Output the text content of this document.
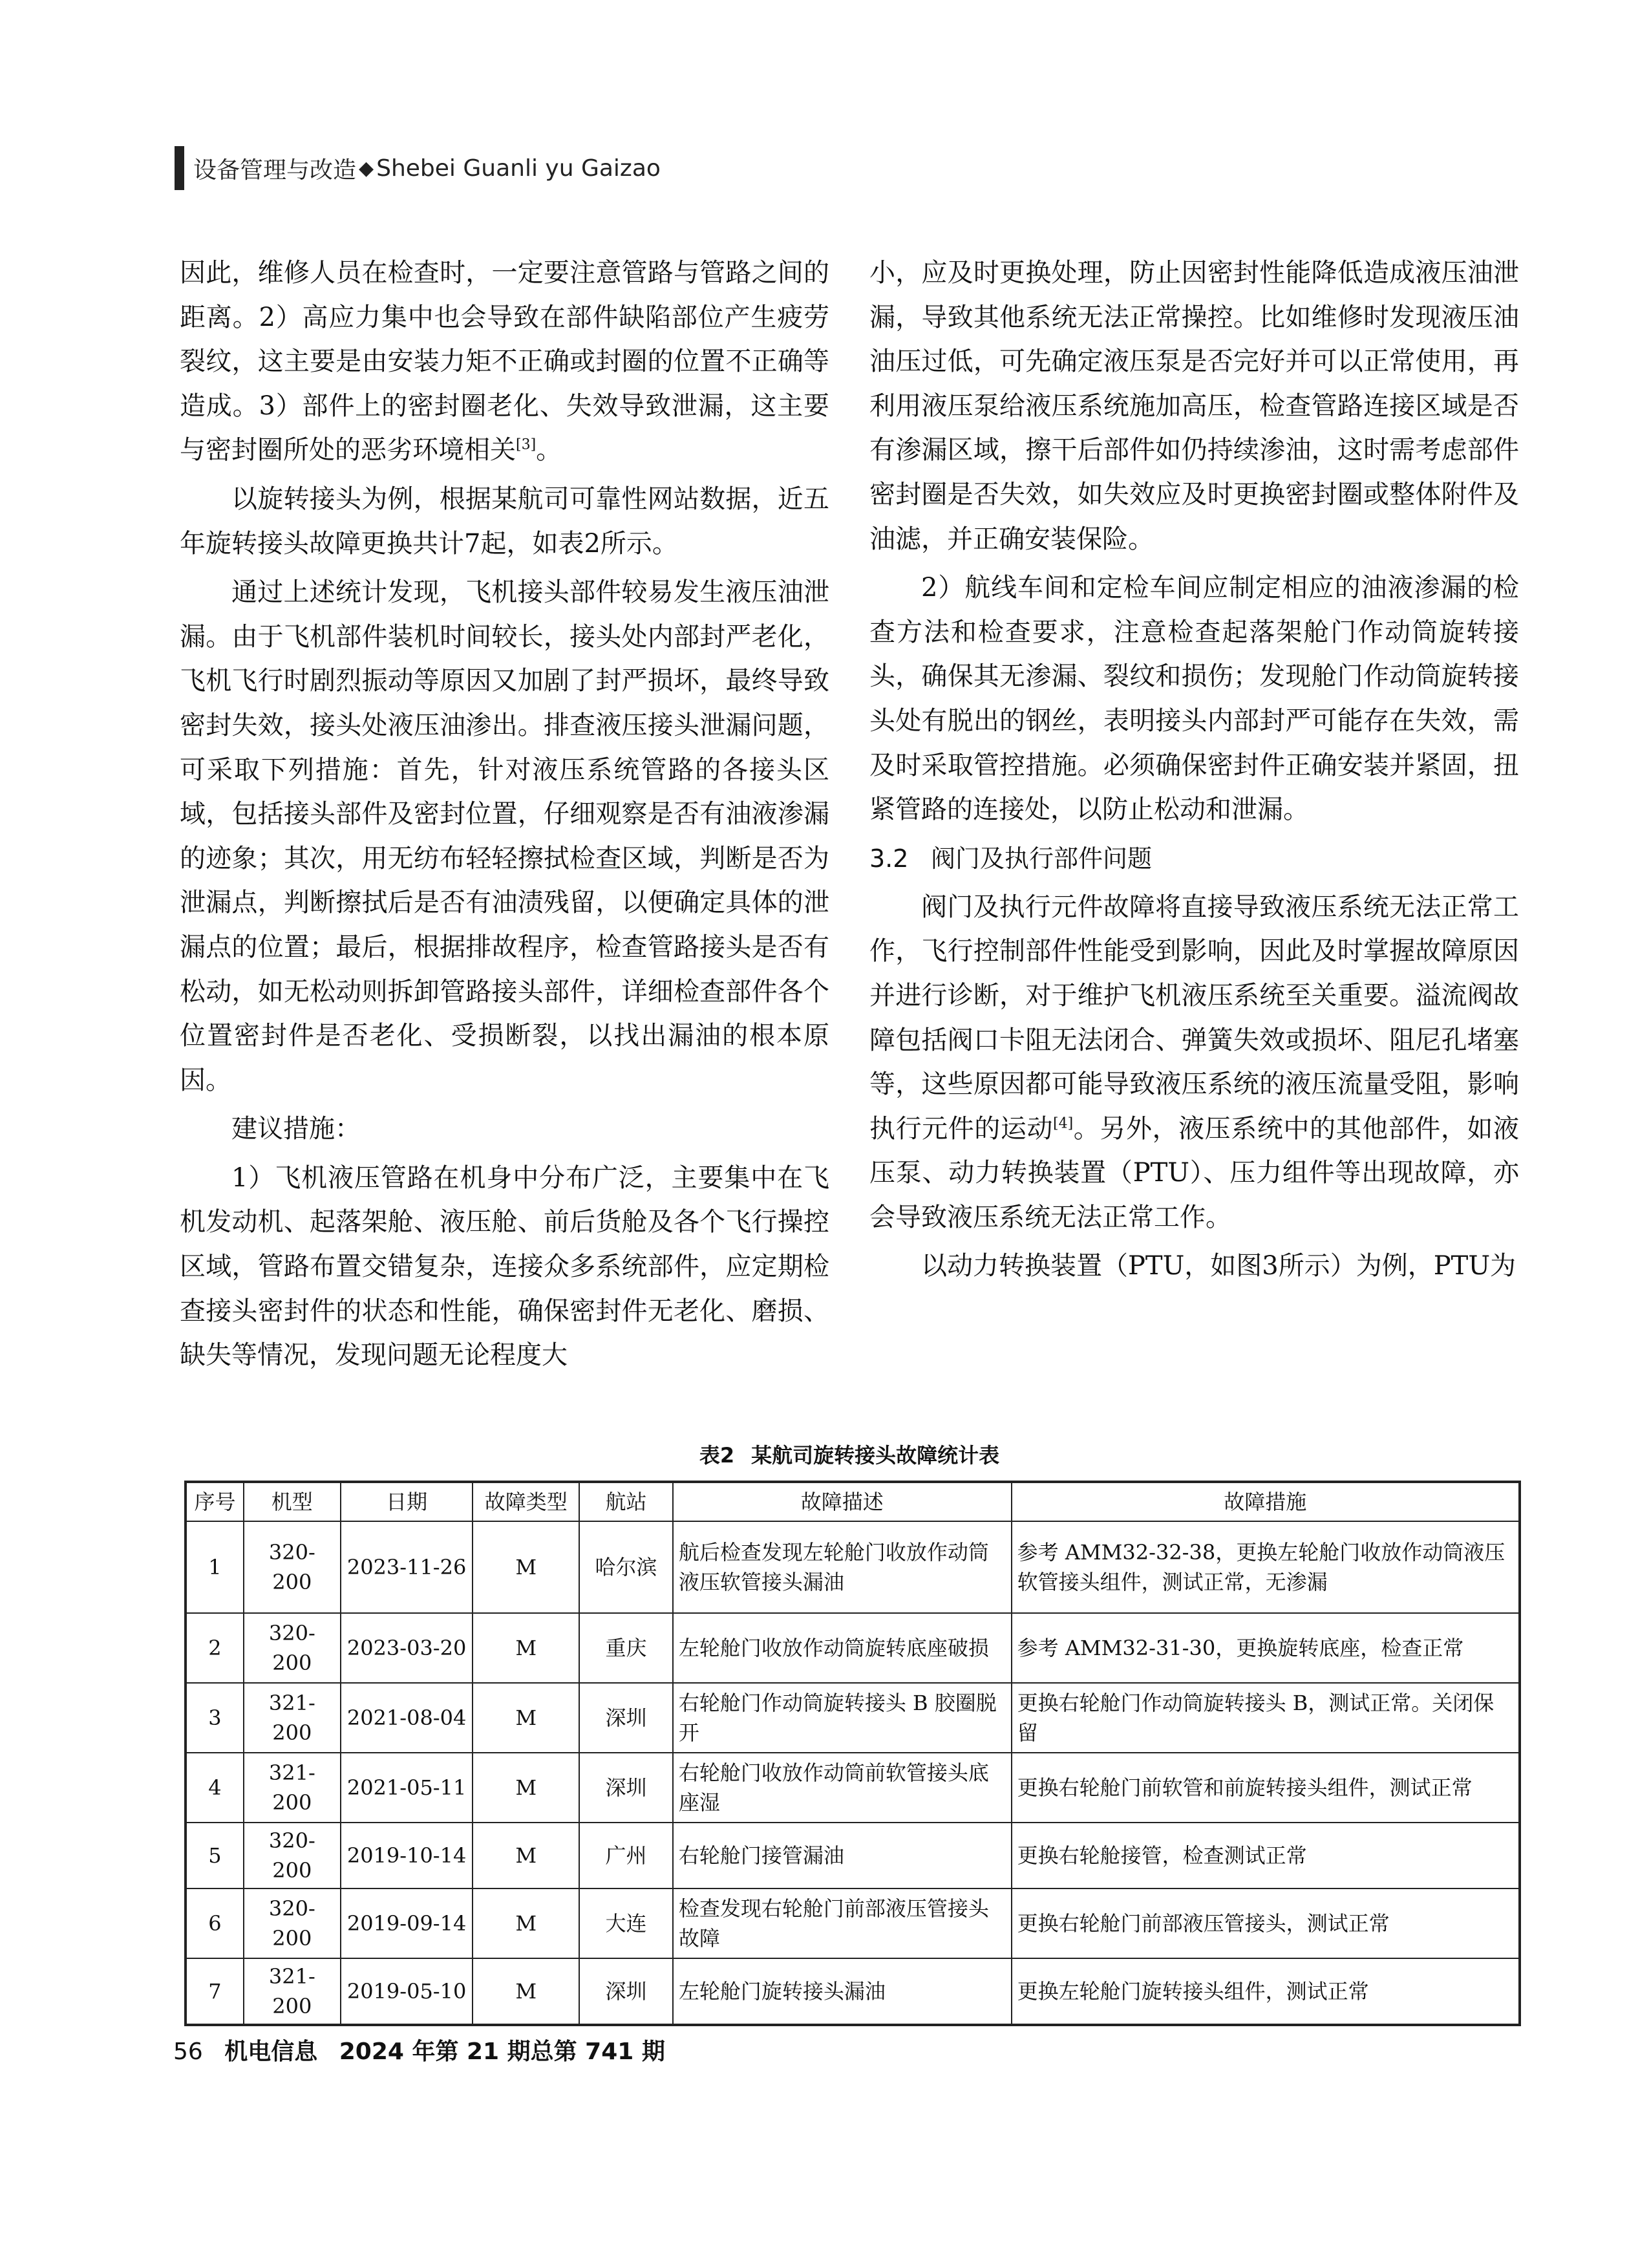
设备管理与改造 ◆ Shebei Guanli yu Gaizao

因此，维修人员在检查时，一定要注意管路与管路之间的距离。2）高应力集中也会导致在部件缺陷部位产生疲劳裂纹，这主要是由安装力矩不正确或封圈的位置不正确等造成。3）部件上的密封圈老化、失效导致泄漏，这主要与密封圈所处的恶劣环境相关[3]。

以旋转接头为例，根据某航司可靠性网站数据，近五年旋转接头故障更换共计7起，如表2所示。

通过上述统计发现，飞机接头部件较易发生液压油泄漏。由于飞机部件装机时间较长，接头处内部封严老化，飞机飞行时剧烈振动等原因又加剧了封严损坏，最终导致密封失效，接头处液压油渗出。排查液压接头泄漏问题，可采取下列措施：首先，针对液压系统管路的各接头区域，包括接头部件及密封位置，仔细观察是否有油液渗漏的迹象；其次，用无纺布轻轻擦拭检查区域，判断是否为泄漏点，判断擦拭后是否有油渍残留，以便确定具体的泄漏点的位置；最后，根据排故程序，检查管路接头是否有松动，如无松动则拆卸管路接头部件，详细检查部件各个位置密封件是否老化、受损断裂，以找出漏油的根本原因。

建议措施：

1）飞机液压管路在机身中分布广泛，主要集中在飞机发动机、起落架舱、液压舱、前后货舱及各个飞行操控区域，管路布置交错复杂，连接众多系统部件，应定期检查接头密封件的状态和性能，确保密封件无老化、磨损、缺失等情况，发现问题无论程度大

小，应及时更换处理，防止因密封性能降低造成液压油泄漏，导致其他系统无法正常操控。比如维修时发现液压油油压过低，可先确定液压泵是否完好并可以正常使用，再利用液压泵给液压系统施加高压，检查管路连接区域是否有渗漏区域，擦干后部件如仍持续渗油，这时需考虑部件密封圈是否失效，如失效应及时更换密封圈或整体附件及油滤，并正确安装保险。

2）航线车间和定检车间应制定相应的油液渗漏的检查方法和检查要求，注意检查起落架舱门作动筒旋转接头，确保其无渗漏、裂纹和损伤；发现舱门作动筒旋转接头处有脱出的钢丝，表明接头内部封严可能存在失效，需及时采取管控措施。必须确保密封件正确安装并紧固，扭紧管路的连接处，以防止松动和泄漏。

3.2 阀门及执行部件问题

阀门及执行元件故障将直接导致液压系统无法正常工作，飞行控制部件性能受到影响，因此及时掌握故障原因并进行诊断，对于维护飞机液压系统至关重要。溢流阀故障包括阀口卡阻无法闭合、弹簧失效或损坏、阻尼孔堵塞等，这些原因都可能导致液压系统的液压流量受阻，影响执行元件的运动[4]。另外，液压系统中的其他部件，如液压泵、动力转换装置（PTU）、压力组件等出现故障，亦会导致液压系统无法正常工作。

以动力转换装置（PTU，如图3所示）为例，PTU为

表2 某航司旋转接头故障统计表
序号	机型	日期	故障类型	航站	故障描述	故障措施
1	320-200	2023-11-26	M	哈尔滨	航后检查发现左轮舱门收放作动筒液压软管接头漏油	参考 AMM32-32-38，更换左轮舱门收放作动筒液压软管接头组件，测试正常，无渗漏
2	320-200	2023-03-20	M	重庆	左轮舱门收放作动筒旋转底座破损	参考 AMM32-31-30，更换旋转底座，检查正常
3	321-200	2021-08-04	M	深圳	右轮舱门作动筒旋转接头 B 胶圈脱开	更换右轮舱门作动筒旋转接头 B，测试正常。关闭保留
4	321-200	2021-05-11	M	深圳	右轮舱门收放作动筒前软管接头底座湿	更换右轮舱门前软管和前旋转接头组件，测试正常
5	320-200	2019-10-14	M	广州	右轮舱门接管漏油	更换右轮舱接管，检查测试正常
6	320-200	2019-09-14	M	大连	检查发现右轮舱门前部液压管接头故障	更换右轮舱门前部液压管接头，测试正常
7	321-200	2019-05-10	M	深圳	左轮舱门旋转接头漏油	更换左轮舱门旋转接头组件，测试正常
56 机电信息 2024 年第 21 期总第 741 期
